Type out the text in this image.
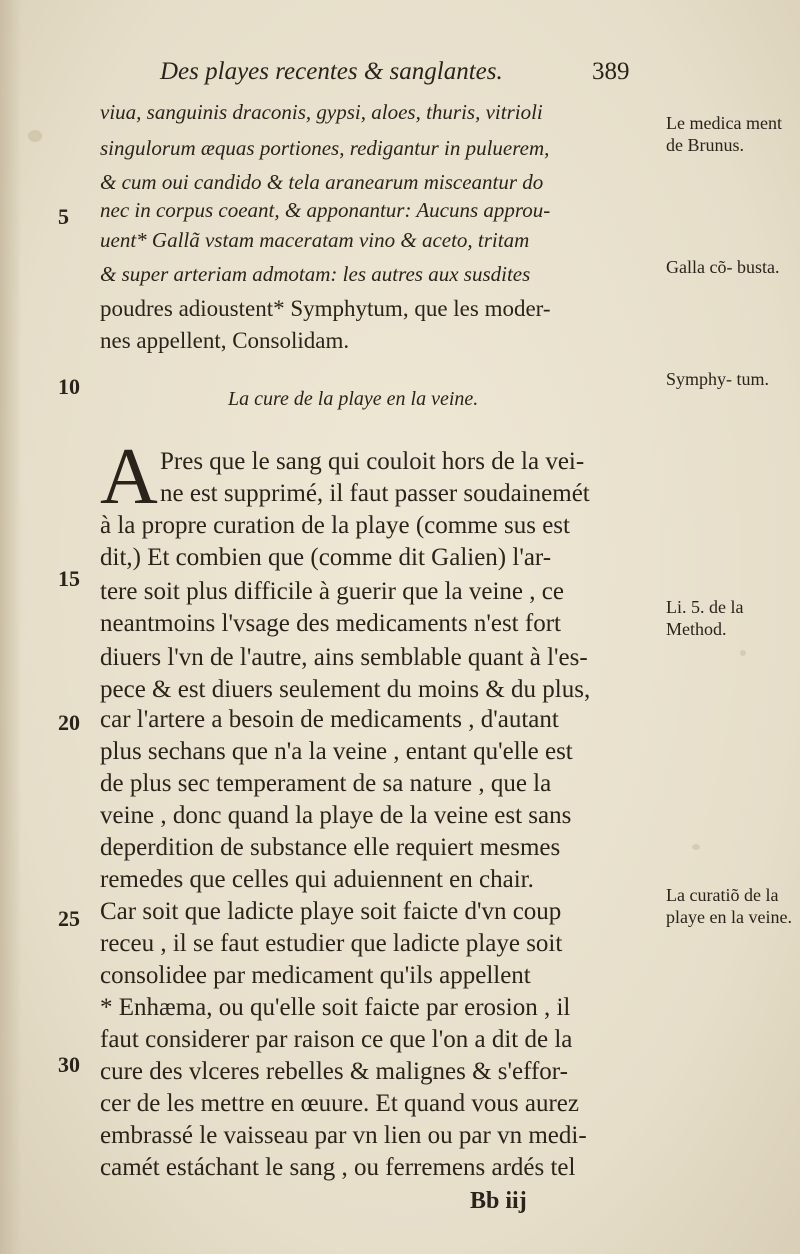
Des playes recentes & sanglantes.	389
viua, sanguinis draconis, gypsi, aloes, thuris, vitrioli
singulorum æquas portiones, redigantur in puluerem,
& cum oui candido & tela aranearum misceantur do
nec in corpus coeant, & apponantur: Aucuns approu-
uent* Gallã vstam maceratam vino & aceto, tritam
& super arteriam admotam: les autres aux susdites
poudres adioustent* Symphytum, que les moder-
nes appellent, Consolidam.
La cure de la playe en la veine.
A Pres que le sang qui couloit hors de la vei-
ne est supprimé, il faut passer soudainemét
à la propre curation de la playe (comme sus est
dit,) Et combien que (comme dit Galien) l'ar-
tere soit plus difficile à guerir que la veine , ce
neantmoins l'vsage des medicaments n'est fort
diuers l'vn de l'autre, ains semblable quant à l'es-
pece & est diuers seulement du moins & du plus,
car l'artere a besoin de medicaments , d'autant
plus sechans que n'a la veine , entant qu'elle est
de plus sec temperament de sa nature , que la
veine , donc quand la playe de la veine est sans
deperdition de substance elle requiert mesmes
remedes que celles qui aduiennent en chair.
Car soit que ladicte playe soit faicte d'vn coup
receu , il se faut estudier que ladicte playe soit
consolidee par medicament qu'ils appellent
* Enhæma, ou qu'elle soit faicte par erosion , il
faut considerer par raison ce que l'on a dit de la
cure des vlceres rebelles & malignes & s'effor-
cer de les mettre en œuure. Et quand vous aurez
embrassé le vaisseau par vn lien ou par vn medi-
camét estáchant le sang , ou ferremens ardés tel
5
10
15
20
25
30
Le medica ment de Brunus.
Galla cõ- busta.
Symphy- tum.
Li. 5. de la Method.
La curatiõ de la playe en la veine.
Bb iij
